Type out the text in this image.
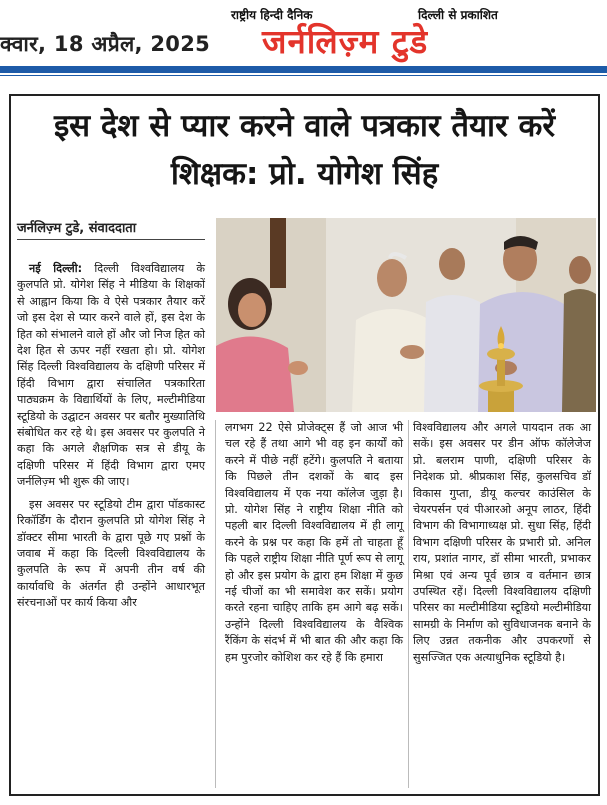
क्वार, 18 अप्रैल, 2025
राष्ट्रीय हिन्दी दैनिक	दिल्ली से प्रकाशित
जर्नलिज़्म टुडे
इस देश से प्यार करने वाले पत्रकार तैयार करें शिक्षक: प्रो. योगेश सिंह
जर्नलिज़्म टुडे, संवाददाता

नई दिल्ली: दिल्ली विश्वविद्यालय के कुलपति प्रो. योगेश सिंह ने मीडिया के शिक्षकों से आह्वान किया कि वे ऐसे पत्रकार तैयार करें जो इस देश से प्यार करने वाले हों, इस देश के हित को संभालने वाले हों और जो निज हित को देश हित से ऊपर नहीं रखता हो। प्रो. योगेश सिंह दिल्ली विश्वविद्यालय के दक्षिणी परिसर में हिंदी विभाग द्वारा संचालित पत्रकारिता पाठ्यक्रम के विद्यार्थियों के लिए, मल्टीमीडिया स्टूडियो के उद्घाटन अवसर पर बतौर मुख्यातिथि संबोधित कर रहे थे। इस अवसर पर कुलपति ने कहा कि अगले शैक्षणिक सत्र से डीयू के दक्षिणी परिसर में हिंदी विभाग द्वारा एमए जर्नलिज़्म भी शुरू की जाए।

इस अवसर पर स्टूडियो टीम द्वारा पॉडकास्ट रिकॉर्डिंग के दौरान कुलपति प्रो योगेश सिंह ने डॉक्टर सीमा भारती के द्वारा पूछे गए प्रश्नों के जवाब में कहा कि दिल्ली विश्वविद्यालय के कुलपति के रूप में अपनी तीन वर्ष की कार्यावधि के अंतर्गत ही उन्होंने आधारभूत संरचनाओं पर कार्य किया और

लगभग 22 ऐसे प्रोजेक्ट्स हैं जो आज भी चल रहे हैं तथा आगे भी वह इन कार्यों को करने में पीछे नहीं हटेंगे। कुलपति ने बताया कि पिछले तीन दशकों के बाद इस विश्वविद्यालय में एक नया कॉलेज जुड़ा है। प्रो. योगेश सिंह ने राष्ट्रीय शिक्षा नीति को पहली बार दिल्ली विश्वविद्यालय में ही लागू करने के प्रश्न पर कहा कि हमें तो चाहता हूँ कि पहले राष्ट्रीय शिक्षा नीति पूर्ण रूप से लागू हो और इस प्रयोग के द्वारा हम शिक्षा में कुछ नई चीजों का भी समावेश कर सकें। प्रयोग करते रहना चाहिए ताकि हम आगे बढ़ सकें। उन्होंने दिल्ली विश्वविद्यालय के वैश्विक रैंकिंग के संदर्भ में भी बात की और कहा कि हम पुरजोर कोशिश कर रहे हैं कि हमारा

विश्वविद्यालय और अगले पायदान तक आ सकें। इस अवसर पर डीन ऑफ कॉलेजेज प्रो. बलराम पाणी, दक्षिणी परिसर के निदेशक प्रो. श्रीप्रकाश सिंह, कुलसचिव डॉ विकास गुप्ता, डीयू कल्चर काउंसिल के चेयरपर्सन एवं पीआरओ अनूप लाठर, हिंदी विभाग की विभागाध्यक्ष प्रो. सुधा सिंह, हिंदी विभाग दक्षिणी परिसर के प्रभारी प्रो. अनिल राय, प्रशांत नागर, डॉ सीमा भारती, प्रभाकर मिश्रा एवं अन्य पूर्व छात्र व वर्तमान छात्र उपस्थित रहें। दिल्ली विश्वविद्यालय दक्षिणी परिसर का मल्टीमीडिया स्टूडियो मल्टीमीडिया सामग्री के निर्माण को सुविधाजनक बनाने के लिए उन्नत तकनीक और उपकरणों से सुसज्जित एक अत्याधुनिक स्टूडियो है।
